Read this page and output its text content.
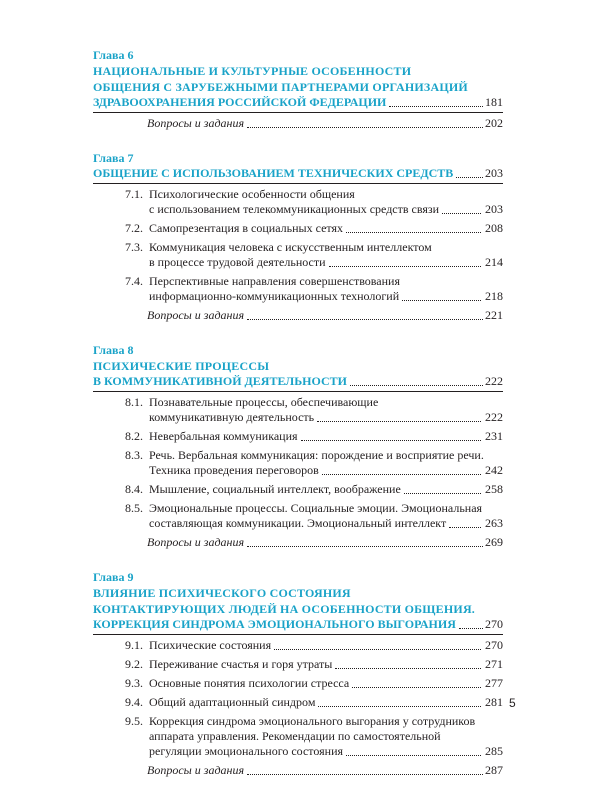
Глава 6
НАЦИОНАЛЬНЫЕ И КУЛЬТУРНЫЕ ОСОБЕННОСТИ
ОБЩЕНИЯ С ЗАРУБЕЖНЫМИ ПАРТНЕРАМИ ОРГАНИЗАЦИЙ
ЗДРАВООХРАНЕНИЯ РОССИЙСКОЙ ФЕДЕРАЦИИ	181
Вопросы и задания	202
Глава 7
ОБЩЕНИЕ С ИСПОЛЬЗОВАНИЕМ ТЕХНИЧЕСКИХ СРЕДСТВ	203
7.1. Психологические особенности общения
с использованием телекоммуникационных средств связи	203
7.2. Самопрезентация в социальных сетях	208
7.3. Коммуникация человека с искусственным интеллектом
в процессе трудовой деятельности	214
7.4. Перспективные направления совершенствования
информационно-коммуникационных технологий	218
Вопросы и задания	221
Глава 8
ПСИХИЧЕСКИЕ ПРОЦЕССЫ
В КОММУНИКАТИВНОЙ ДЕЯТЕЛЬНОСТИ	222
8.1. Познавательные процессы, обеспечивающие
коммуникативную деятельность	222
8.2. Невербальная коммуникация	231
8.3. Речь. Вербальная коммуникация: порождение и восприятие речи.
Техника проведения переговоров	242
8.4. Мышление, социальный интеллект, воображение	258
8.5. Эмоциональные процессы. Социальные эмоции. Эмоциональная
составляющая коммуникации. Эмоциональный интеллект	263
Вопросы и задания	269
Глава 9
ВЛИЯНИЕ ПСИХИЧЕСКОГО СОСТОЯНИЯ
КОНТАКТИРУЮЩИХ ЛЮДЕЙ НА ОСОБЕННОСТИ ОБЩЕНИЯ.
КОРРЕКЦИЯ СИНДРОМА ЭМОЦИОНАЛЬНОГО ВЫГОРАНИЯ 270
9.1. Психические состояния	270
9.2. Переживание счастья и горя утраты	271
9.3. Основные понятия психологии стресса	277
9.4. Общий адаптационный синдром	281
9.5. Коррекция синдрома эмоционального выгорания у сотрудников
аппарата управления. Рекомендации по самостоятельной
регуляции эмоционального состояния	285
Вопросы и задания	287
5
